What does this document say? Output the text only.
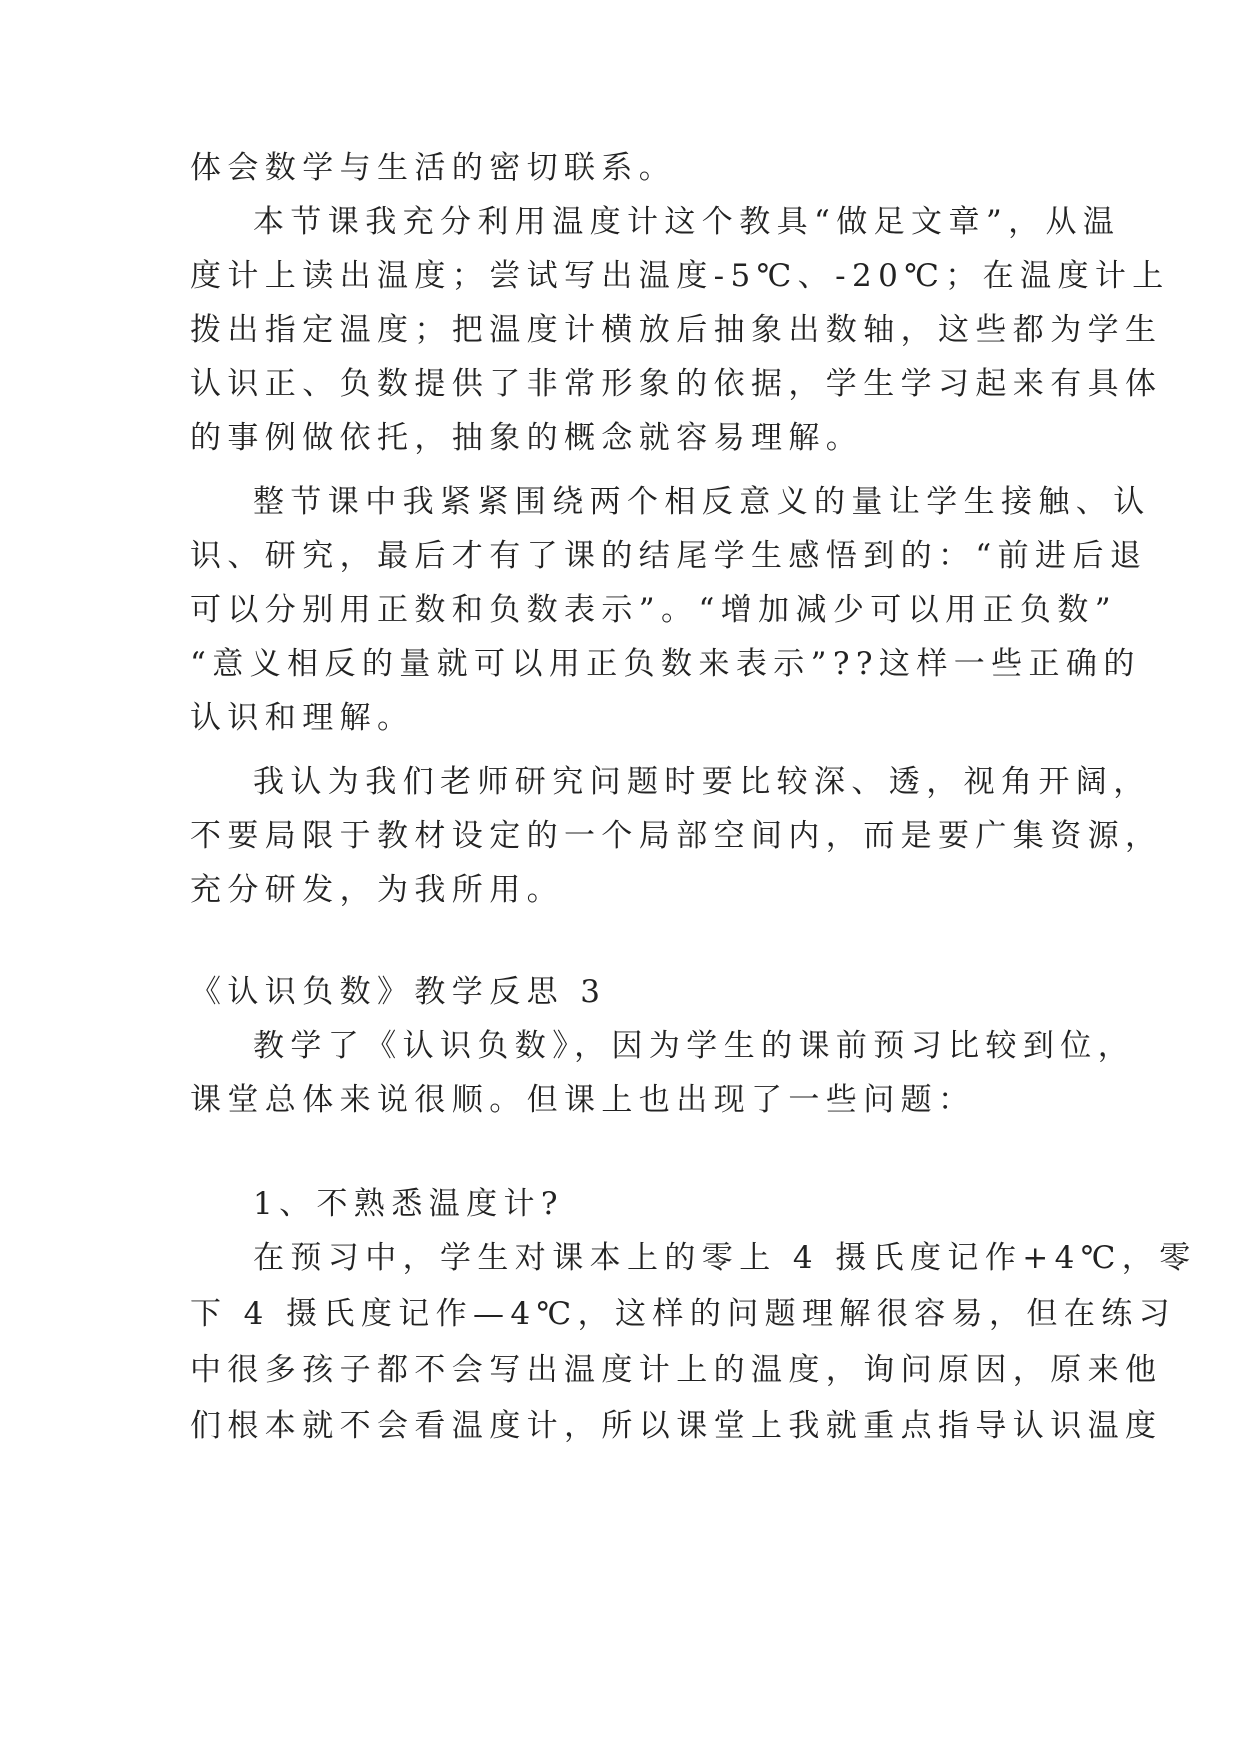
体会数学与生活的密切联系。
本节课我充分利用温度计这个教具“做足文章”，从温
度计上读出温度；尝试写出温度-5℃、-20℃；在温度计上
拨出指定温度；把温度计横放后抽象出数轴，这些都为学生
认识正、负数提供了非常形象的依据，学生学习起来有具体
的事例做依托，抽象的概念就容易理解。
整节课中我紧紧围绕两个相反意义的量让学生接触、认
识、研究，最后才有了课的结尾学生感悟到的：“前进后退
可以分别用正数和负数表示”。“增加减少可以用正负数”
“意义相反的量就可以用正负数来表示”??这样一些正确的
认识和理解。
我认为我们老师研究问题时要比较深、透，视角开阔，
不要局限于教材设定的一个局部空间内，而是要广集资源，
充分研发，为我所用。
《认识负数》教学反思 3
教学了《认识负数》，因为学生的课前预习比较到位，
课堂总体来说很顺。但课上也出现了一些问题：
1、不熟悉温度计?
在预习中，学生对课本上的零上 4 摄氏度记作+4℃，零
下 4 摄氏度记作—4℃，这样的问题理解很容易，但在练习
中很多孩子都不会写出温度计上的温度，询问原因，原来他
们根本就不会看温度计，所以课堂上我就重点指导认识温度
